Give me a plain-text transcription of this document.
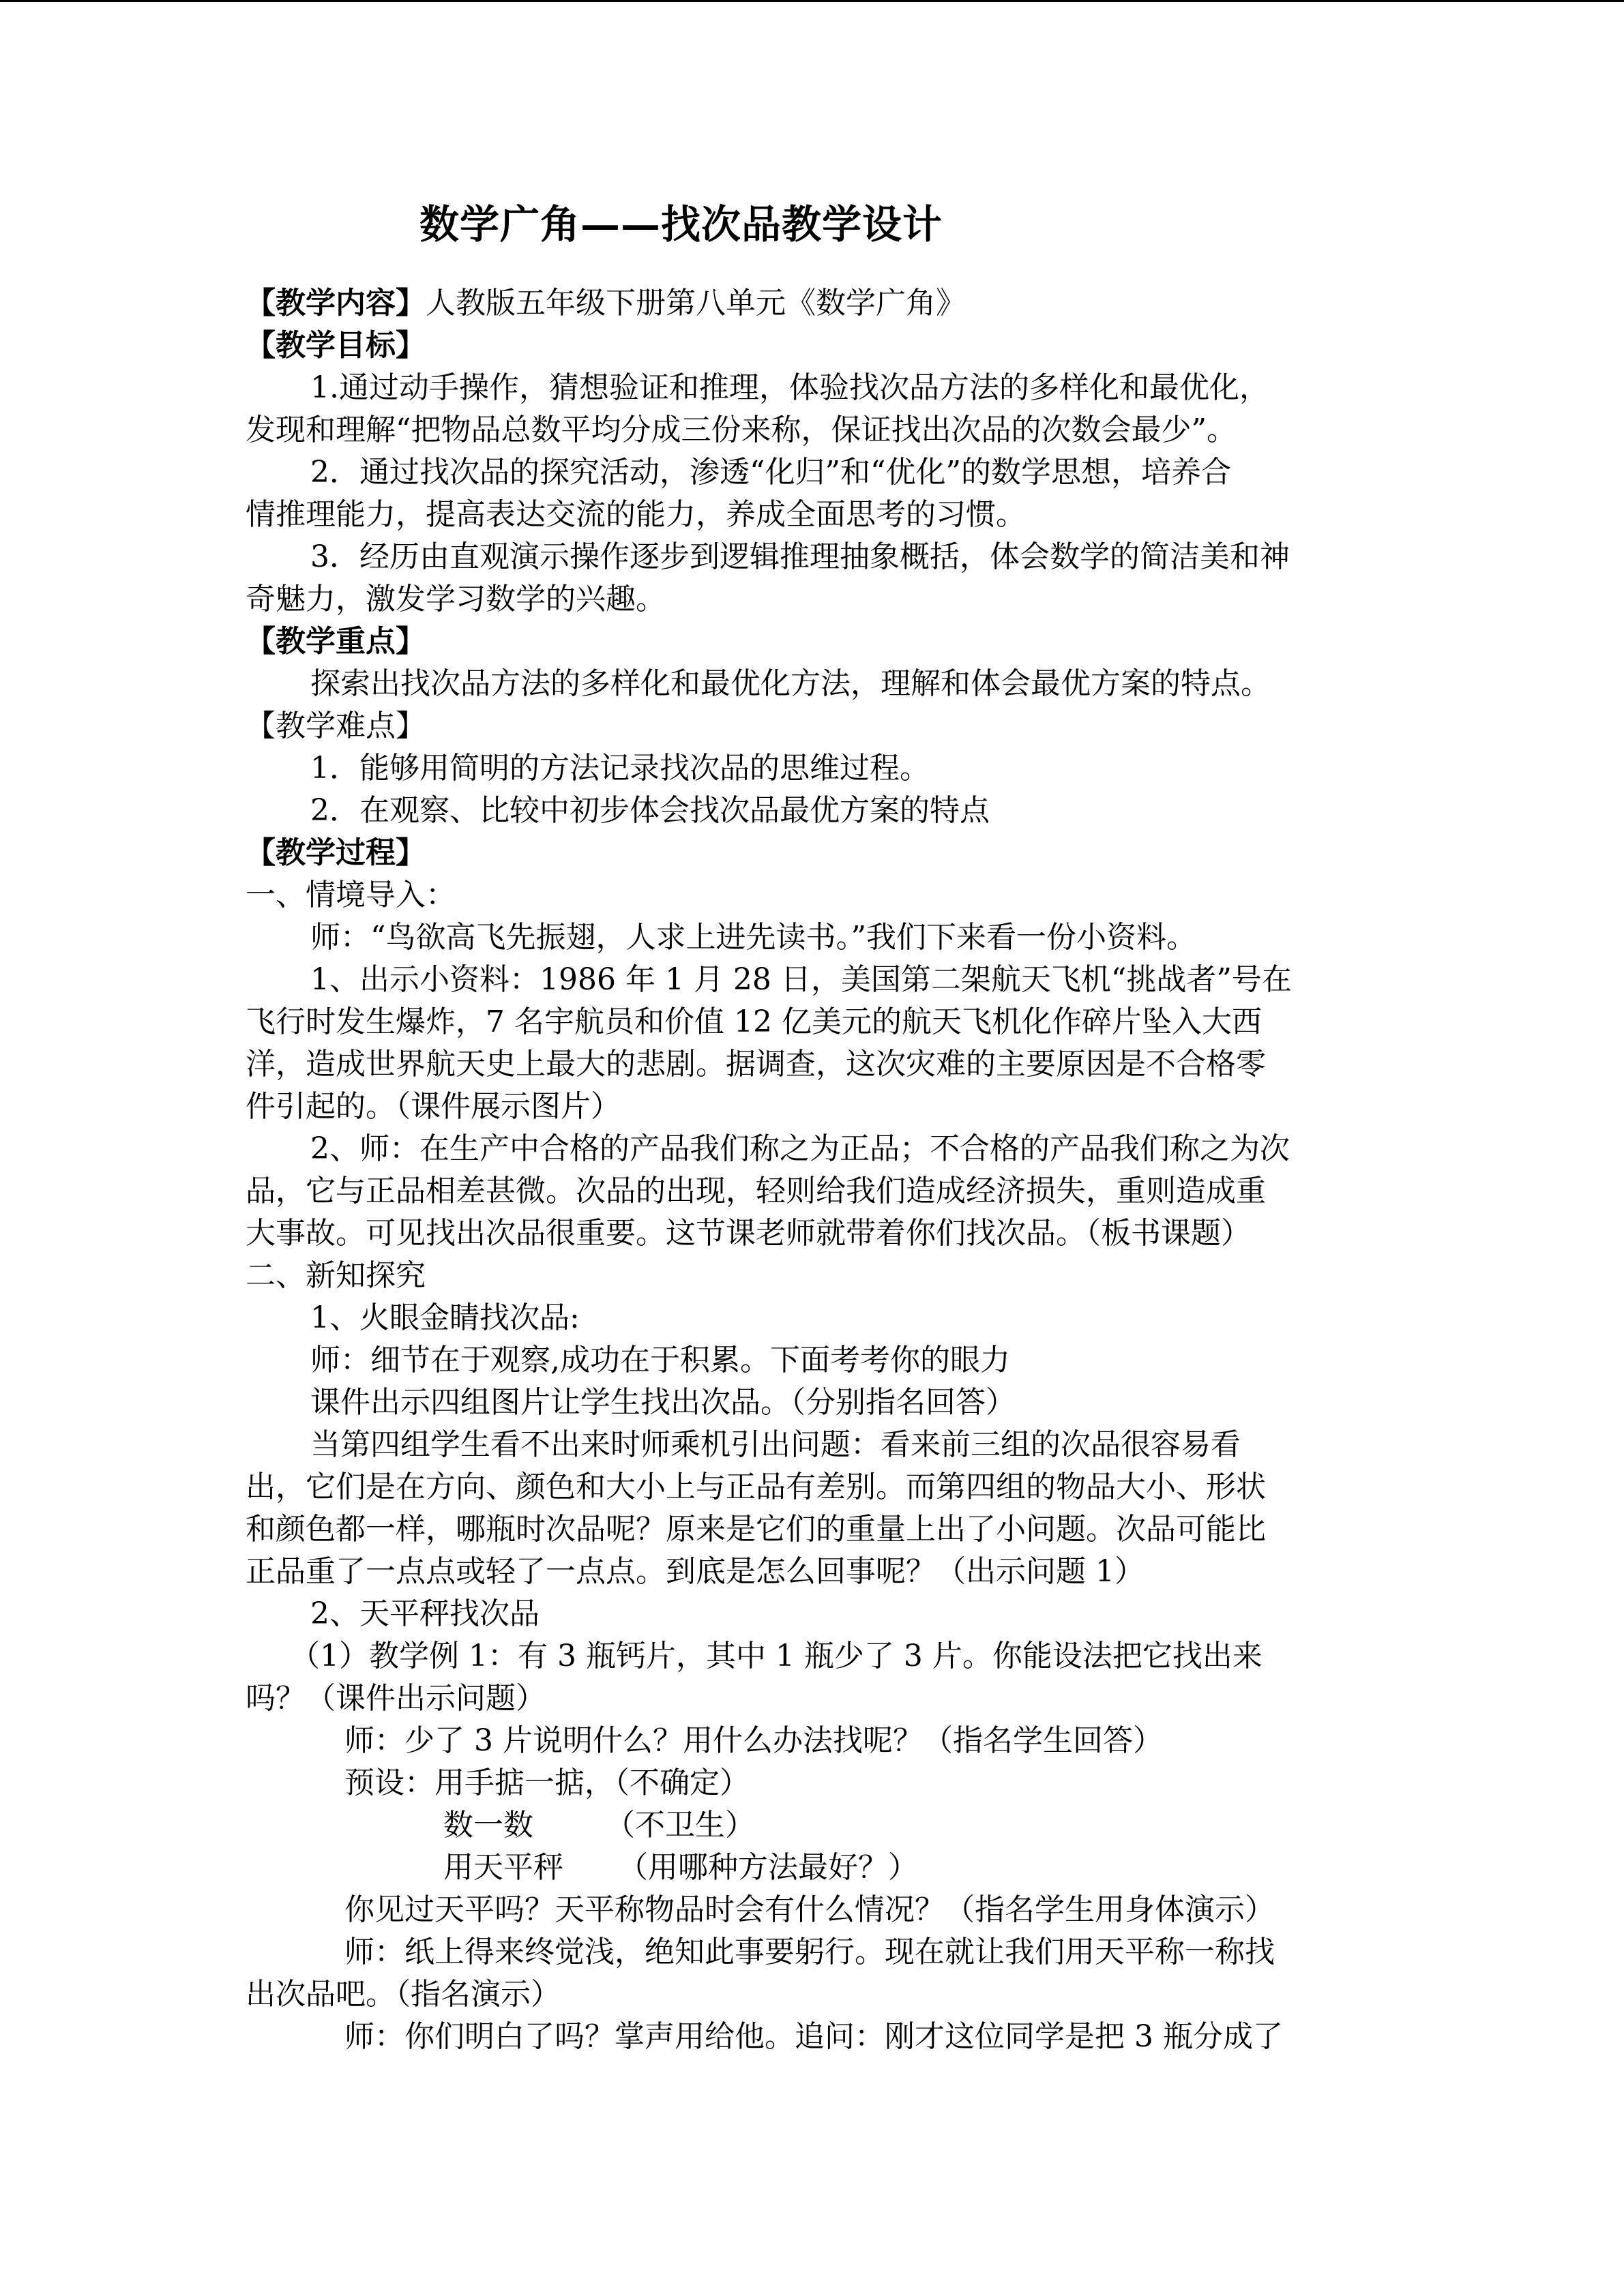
数学广角——找次品教学设计
【教学内容】人教版五年级下册第八单元《数学广角》
【教学目标】
1.通过动手操作，猜想验证和推理，体验找次品方法的多样化和最优化，
发现和理解“把物品总数平均分成三份来称，保证找出次品的次数会最少”。
2．通过找次品的探究活动，渗透“化归”和“优化”的数学思想，培养合
情推理能力，提高表达交流的能力，养成全面思考的习惯。
3．经历由直观演示操作逐步到逻辑推理抽象概括，体会数学的简洁美和神
奇魅力，激发学习数学的兴趣。
【教学重点】
探索出找次品方法的多样化和最优化方法，理解和体会最优方案的特点。
【教学难点】
1．能够用简明的方法记录找次品的思维过程。
2．在观察、比较中初步体会找次品最优方案的特点
【教学过程】
一、情境导入：
师：“鸟欲高飞先振翅，人求上进先读书。”我们下来看一份小资料。
1、出示小资料：1986 年 1 月 28 日，美国第二架航天飞机“挑战者”号在
飞行时发生爆炸，7 名宇航员和价值 12 亿美元的航天飞机化作碎片坠入大西
洋，造成世界航天史上最大的悲剧。据调查，这次灾难的主要原因是不合格零
件引起的。（课件展示图片）
2、师：在生产中合格的产品我们称之为正品；不合格的产品我们称之为次
品，它与正品相差甚微。次品的出现，轻则给我们造成经济损失，重则造成重
大事故。可见找出次品很重要。这节课老师就带着你们找次品。（板书课题）
二、新知探究
1、火眼金睛找次品:
师：细节在于观察,成功在于积累。下面考考你的眼力
课件出示四组图片让学生找出次品。（分别指名回答）
当第四组学生看不出来时师乘机引出问题：看来前三组的次品很容易看
出，它们是在方向、颜色和大小上与正品有差别。而第四组的物品大小、形状
和颜色都一样，哪瓶时次品呢？原来是它们的重量上出了小问题。次品可能比
正品重了一点点或轻了一点点。到底是怎么回事呢？（出示问题 1）
2、天平秤找次品
（1）教学例 1：有 3 瓶钙片，其中 1 瓶少了 3 片。你能设法把它找出来
吗？（课件出示问题）
师：少了 3 片说明什么？用什么办法找呢？（指名学生回答）
预设：用手掂一掂，（不确定）
数一数 （不卫生）
用天平秤 （用哪种方法最好？）
你见过天平吗？天平称物品时会有什么情况？（指名学生用身体演示）
师：纸上得来终觉浅，绝知此事要躬行。现在就让我们用天平称一称找
出次品吧。（指名演示）
师：你们明白了吗？掌声用给他。追问：刚才这位同学是把 3 瓶分成了
